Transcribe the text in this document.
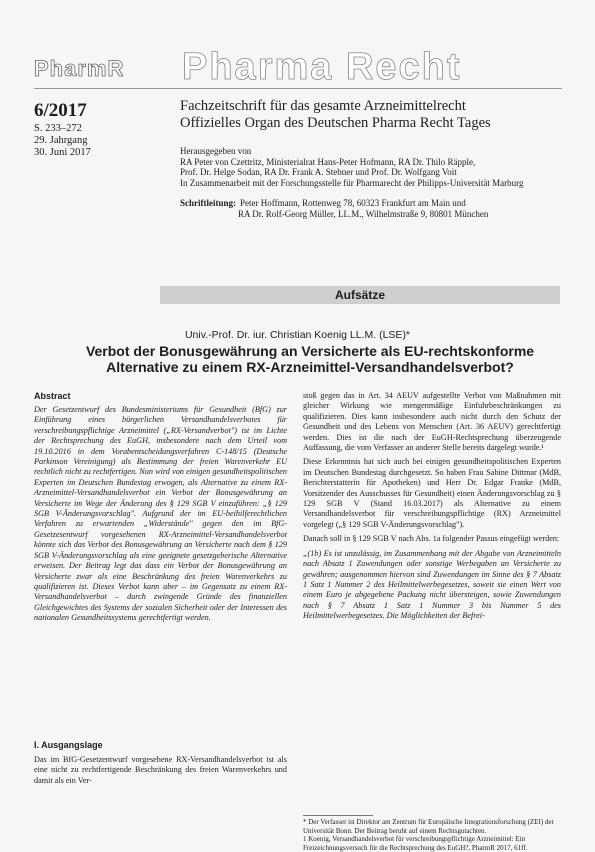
PharmR Pharma Recht
6/2017
S. 233–272
29. Jahrgang
30. Juni 2017
Fachzeitschrift für das gesamte Arzneimittelrecht
Offizielles Organ des Deutschen Pharma Recht Tages
Herausgegeben von
RA Peter von Czettritz, Ministerialrat Hans-Peter Hofmann, RA Dr. Thilo Räpple,
Prof. Dr. Helge Sodan, RA Dr. Frank A. Stebner und Prof. Dr. Wolfgang Voit
In Zusammenarbeit mit der Forschungsstelle für Pharmarecht der Philipps-Universität Marburg
Schriftleitung: Peter Hoffmann, Rottenweg 78, 60323 Frankfurt am Main und
RA Dr. Rolf-Georg Müller, LL.M., Wilhelmstraße 9, 80801 München
Aufsätze
Univ.-Prof. Dr. iur. Christian Koenig LL.M. (LSE)*
Verbot der Bonusgewährung an Versicherte als EU-rechtskonforme
Alternative zu einem RX-Arzneimittel-Versandhandelsverbot?
Abstract
Der Gesetzentwurf des Bundesministeriums für Gesundheit (BfG) zur Einführung eines bürgerlichen Versandhandelsverbotes für verschreibungspflichtige Arzneimittel („RX-Versandverbot") ist im Lichte der Rechtsprechung des EuGH, insbesondere nach dem Urteil vom 19.10.2016 in dem Vorabentscheidungsverfahren C-148/15 (Deutsche Parkinson Vereinigung) als Bestimmung der freien Warenverkehr EU rechtlich nicht zu rechtfertigen. Nun wird von einigen gesundheitspolitischen Experten im Deutschen Bundestag erwogen, als Alternative zu einem RX-Arzneimittel-Versandhandelsverbot ein Verbot der Bonusgewährung an Versicherte im Wege der Änderung des § 129 SGB V einzuführen: „§ 129 SGB V-Änderungsvorschlag". Aufgrund der im EU-beihilferechtlichen Verfahren zu erwartenden „Widerstände" gegen den im BfG-Gesetzesentwurf vorgesehenen RX-Arzneimittel-Versandhandelsverbot könnte sich das Verbot des Bonusgewährung an Versicherte nach dem § 129 SGB V-Änderungsvorschlag als eine geeignete gesetzgeberische Alternative erweisen. Der Beitrag legt das dass ein Verbot der Bonusgewährung an Versicherte zwar als eine Beschränkung des freien Warenverkehrs zu qualifizieren ist. Dieses Verbot kann aber – im Gegensatz zu einem RX-Versandhandelsverbot – durch zwingende Gründe des finanziellen Gleichgewichtes des Systems der sozialen Sicherheit oder der Interessen des nationalen Gesundheitssystems gerechtfertigt werden.
I. Ausgangslage
Das im BfG-Gesetzentwurf vorgesehene RX-Versandhandelsverbot ist als eine nicht zu rechtfertigende Beschränkung des freien Warenverkehrs und damit als ein Ver-

stoß gegen das in Art. 34 AEUV aufgestellte Verbot von Maßnahmen mit gleicher Wirkung wie mengenmäßige Einfuhrbeschränkungen zu qualifizieren. Dies kann insbesondere auch nicht durch den Schutz der Gesundheit und des Lebens von Menschen (Art. 36 AEUV) gerechtfertigt werden. Dies ist die nach der EuGH-Rechtsprechung überzeugende Auffassung, die vom Verfasser an anderer Stelle bereits dargelegt wurde.¹

Diese Erkenntnis hat sich auch bei einigen gesundheitspolitischen Experten im Deutschen Bundestag durchgesetzt. So haben Frau Sabine Dittmar (MdB, Berichterstatterin für Apotheken) und Herr Dr. Edgar Franke (MdB, Vorsitzender des Ausschusses für Gesundheit) einen Änderungsvorschlag zu § 129 SGB V (Stand 16.03.2017) als Alternative zu einem Versandhandelsverbot für verschreibungspflichtige (RX) Arzneimittel vorgelegt („§ 129 SGB V-Änderungsvorschlag").

Danach soll in § 129 SGB V nach Abs. 1a folgender Passus eingefügt werden:

„(1b) Es ist unzulässig, im Zusammenhang mit der Abgabe von Arzneimitteln nach Absatz 1 Zuwendungen oder sonstige Werbegaben an Versicherte zu gewähren; ausgenommen hiervon sind Zuwendungen im Sinne des § 7 Absatz 1 Satz 1 Nummer 2 des Heilmittelwerbegesetzes, soweit sie einen Wert von einem Euro je abgegebene Packung nicht übersteigen, sowie Zuwendungen nach § 7 Absatz 1 Satz 1 Nummer 3 bis Nummer 5 des Heilmittelwerbegesetzes. Die Möglichkeiten der Befrei-

* Der Verfasser ist Direktor am Zentrum für Europäische Integrationsforschung (ZEI) der Universität Bonn. Der Beitrag beruht auf einem Rechtsgutachten.
1 Koenig, Versandhandelsverbot für verschreibungspflichtige Arzneimittel: Ein Freizeichnungsversuch für die Rechtsprechung des EuGH?, PharmR 2017, 61ff.
